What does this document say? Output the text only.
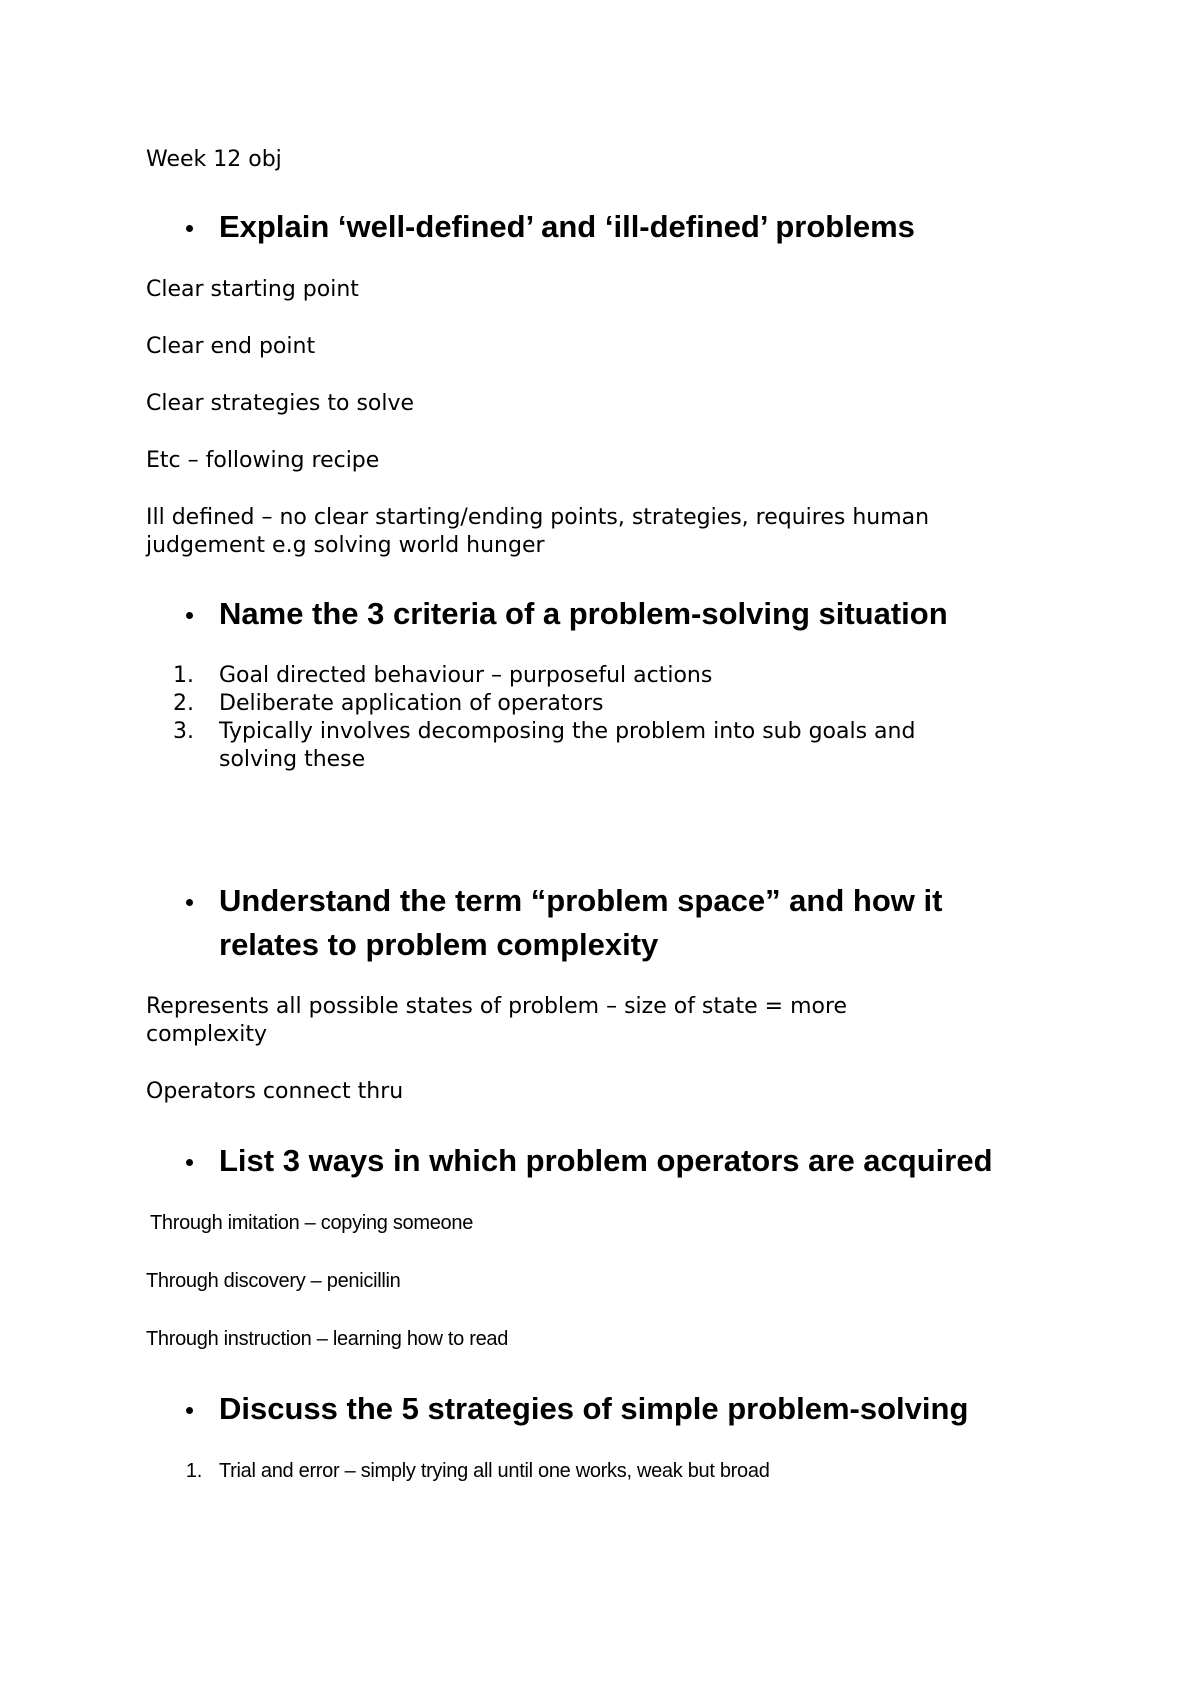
Week 12 obj
Explain ‘well-defined’ and ‘ill-defined’ problems
Clear starting point
Clear end point
Clear strategies to solve
Etc – following recipe
Ill defined – no clear starting/ending points, strategies, requires human
judgement e.g solving world hunger
Name the 3 criteria of a problem-solving situation
1. Goal directed behaviour – purposeful actions
2. Deliberate application of operators
3. Typically involves decomposing the problem into sub goals and
solving these
Understand the term “problem space” and how it
relates to problem complexity
Represents all possible states of problem – size of state = more
complexity
Operators connect thru
List 3 ways in which problem operators are acquired
Through imitation – copying someone
Through discovery – penicillin
Through instruction – learning how to read
Discuss the 5 strategies of simple problem-solving
1. Trial and error – simply trying all until one works, weak but broad
